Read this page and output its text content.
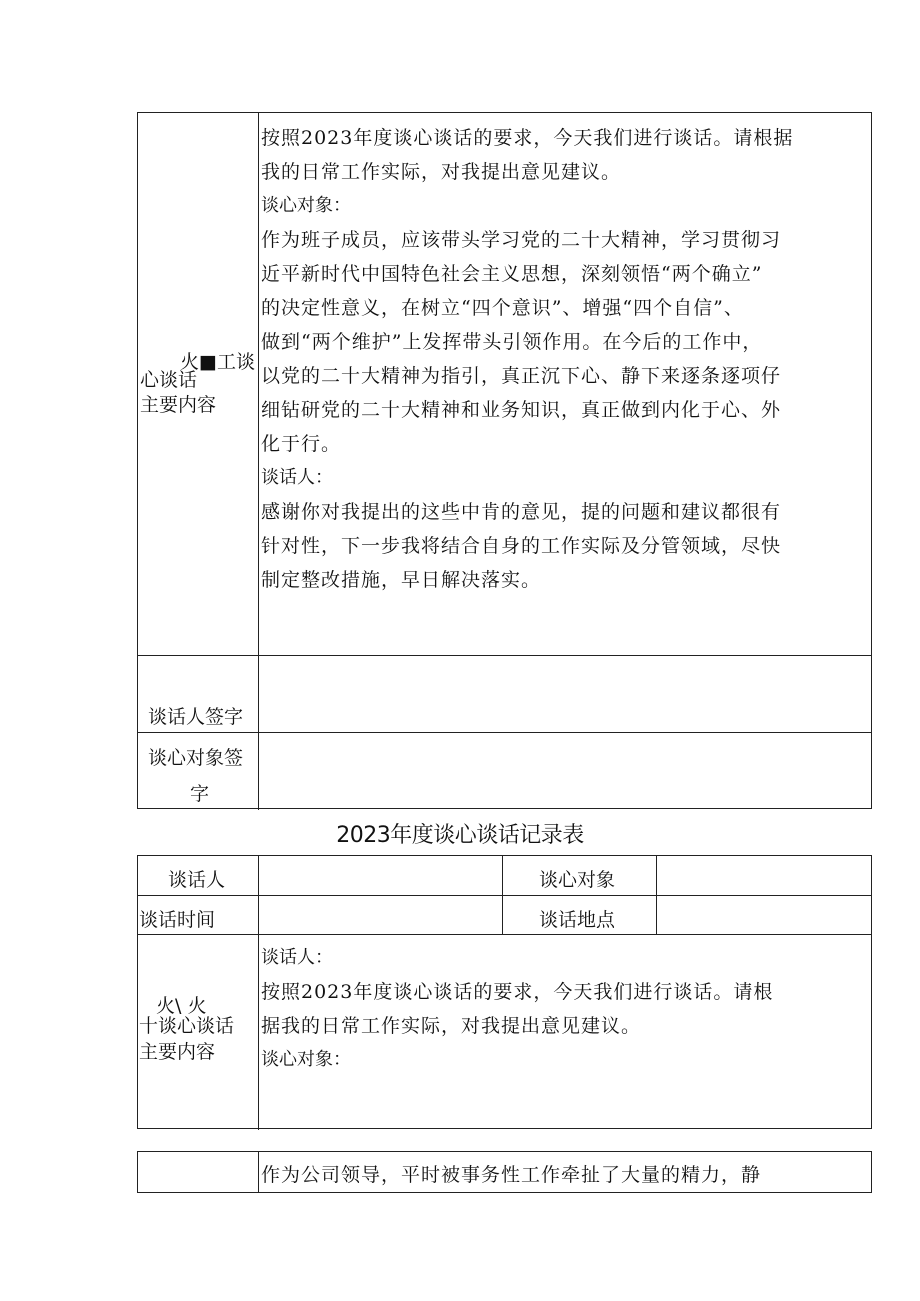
火■工谈
心谈话
主要内容
按照2023年度谈心谈话的要求，今天我们进行谈话。请根据
我的日常工作实际，对我提出意见建议。
谈心对象：
作为班子成员，应该带头学习党的二十大精神，学习贯彻习
近平新时代中国特色社会主义思想，深刻领悟“两个确立”
的决定性意义，在树立“四个意识”、增强“四个自信”、
做到“两个维护”上发挥带头引领作用。在今后的工作中，
以党的二十大精神为指引，真正沉下心、静下来逐条逐项仔
细钻研党的二十大精神和业务知识，真正做到内化于心、外
化于行。
谈话人：
感谢你对我提出的这些中肯的意见，提的问题和建议都很有
针对性，下一步我将结合自身的工作实际及分管领域，尽快
制定整改措施，早日解决落实。
谈话人签字
谈心对象签
字
2023年度谈心谈话记录表
谈话人	谈心对象
谈话时间	谈话地点
火\ 火
十谈心谈话
主要内容
谈话人：
按照2023年度谈心谈话的要求，今天我们进行谈话。请根
据我的日常工作实际，对我提出意见建议。
谈心对象：
作为公司领导，平时被事务性工作牵扯了大量的精力，静
